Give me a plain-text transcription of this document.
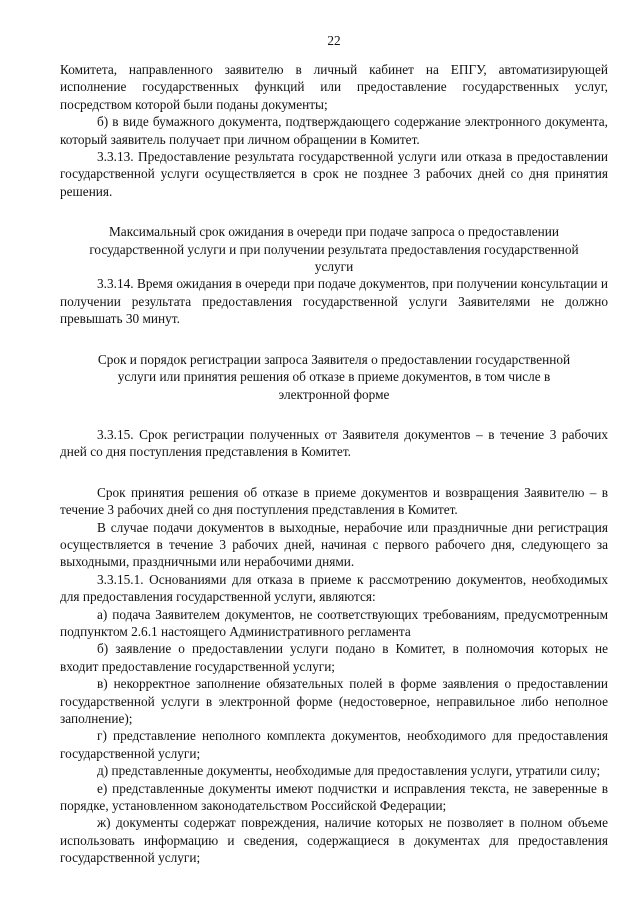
22

Комитета, направленного заявителю в личный кабинет на ЕПГУ, автоматизирующей исполнение государственных функций или предоставление государственных услуг, посредством которой были поданы документы;

б) в виде бумажного документа, подтверждающего содержание электронного документа, который заявитель получает при личном обращении в Комитет.

3.3.13. Предоставление результата государственной услуги или отказа в предоставлении государственной услуги осуществляется в срок не позднее 3 рабочих дней со дня принятия решения.

Максимальный срок ожидания в очереди при подаче запроса о предоставлении государственной услуги и при получении результата предоставления государственной услуги

3.3.14. Время ожидания в очереди при подаче документов, при получении консультации и получении результата предоставления государственной услуги Заявителями не должно превышать 30 минут.

Срок и порядок регистрации запроса Заявителя о предоставлении государственной услуги или принятия решения об отказе в приеме документов, в том числе в электронной форме

3.3.15. Срок регистрации полученных от Заявителя документов – в течение 3 рабочих дней со дня поступления представления в Комитет.

Срок принятия решения об отказе в приеме документов и возвращения Заявителю – в течение 3 рабочих дней со дня поступления представления в Комитет.

В случае подачи документов в выходные, нерабочие или праздничные дни регистрация осуществляется в течение 3 рабочих дней, начиная с первого рабочего дня, следующего за выходными, праздничными или нерабочими днями.

3.3.15.1. Основаниями для отказа в приеме к рассмотрению документов, необходимых для предоставления государственной услуги, являются:

а) подача Заявителем документов, не соответствующих требованиям, предусмотренным подпунктом 2.6.1 настоящего Административного регламента

б) заявление о предоставлении услуги подано в Комитет, в полномочия которых не входит предоставление государственной услуги;

в) некорректное заполнение обязательных полей в форме заявления о предоставлении государственной услуги в электронной форме (недостоверное, неправильное либо неполное заполнение);

г) представление неполного комплекта документов, необходимого для предоставления государственной услуги;

д) представленные документы, необходимые для предоставления услуги, утратили силу;

е) представленные документы имеют подчистки и исправления текста, не заверенные в порядке, установленном законодательством Российской Федерации;

ж) документы содержат повреждения, наличие которых не позволяет в полном объеме использовать информацию и сведения, содержащиеся в документах для предоставления государственной услуги;
